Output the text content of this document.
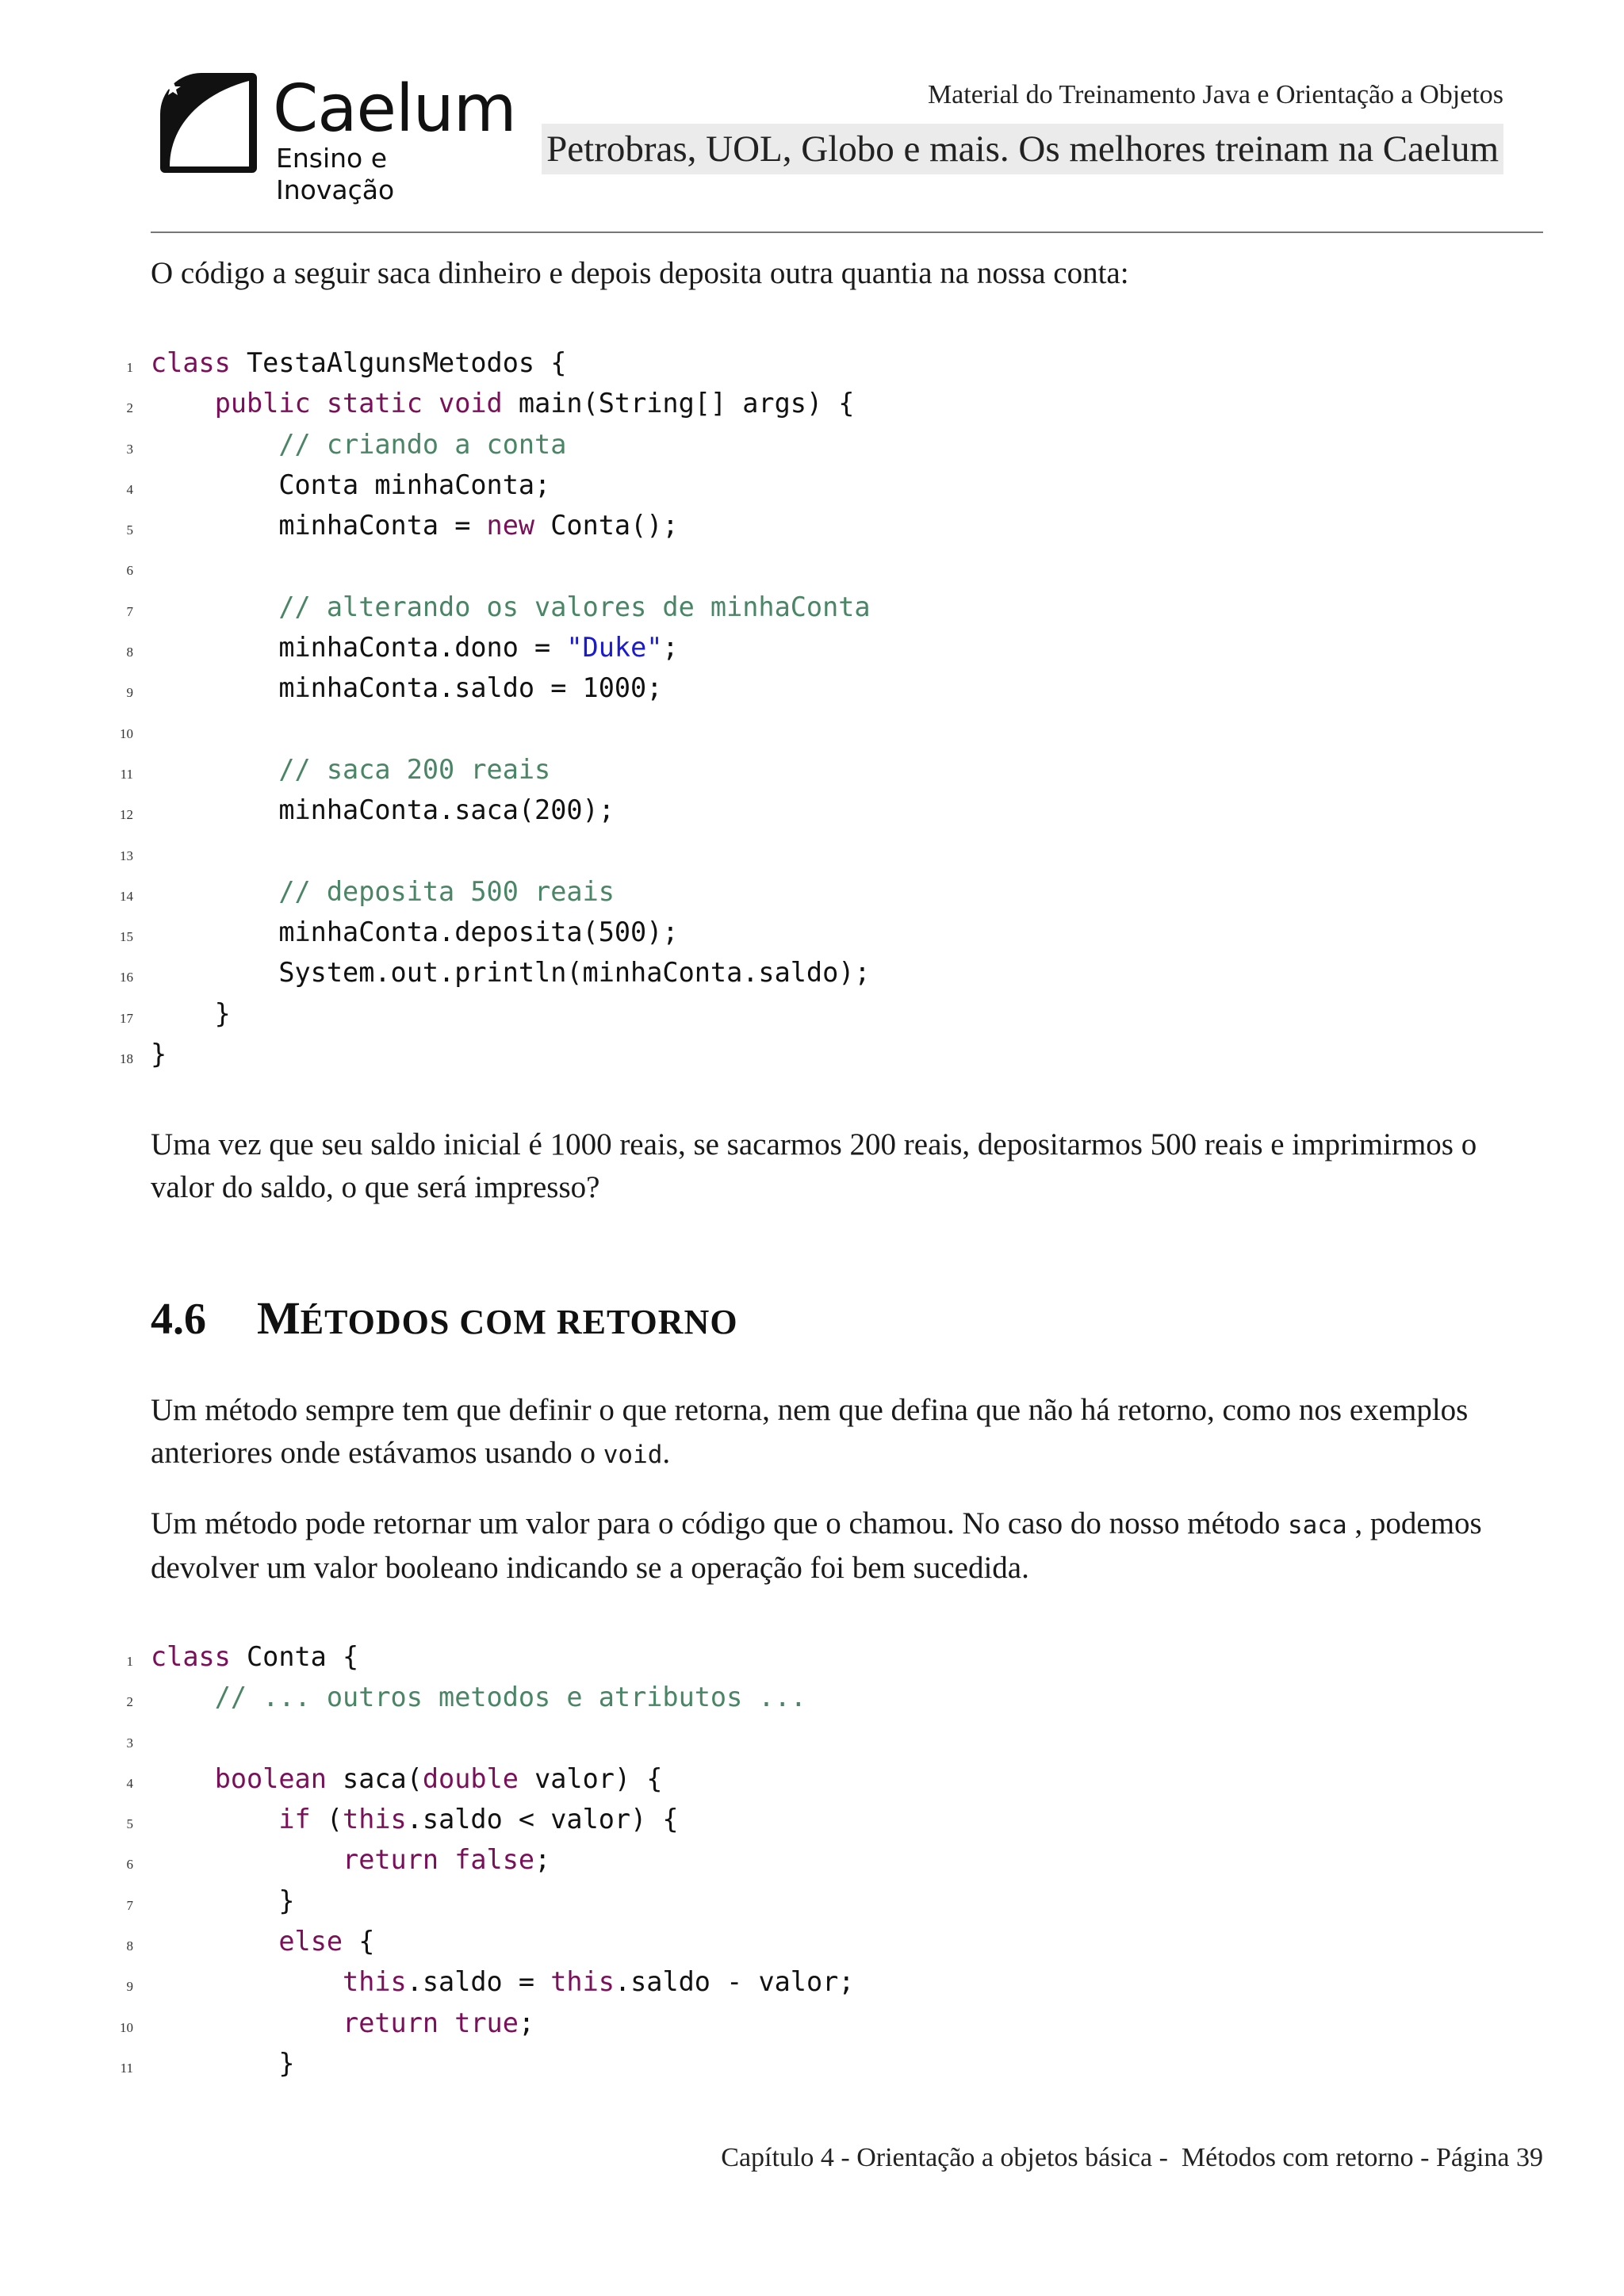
Caelum
Ensino e Inovação
Material do Treinamento Java e Orientação a Objetos
Petrobras, UOL, Globo e mais. Os melhores treinam na Caelum
O código a seguir saca dinheiro e depois deposita outra quantia na nossa conta:
1 class TestaAlgunsMetodos {
2	public static void main(String[] args) {
3	// criando a conta
4 Conta minhaConta;
5 minhaConta = new Conta();
6
7	// alterando os valores de minhaConta
8 minhaConta.dono = "Duke";
9 minhaConta.saldo = 1000;
10
11	// saca 200 reais
12 minhaConta.saca(200);
13
14	// deposita 500 reais
15 minhaConta.deposita(500);
16 System.out.println(minhaConta.saldo);
17 }
18 }
Uma vez que seu saldo inicial é 1000 reais, se sacarmos 200 reais, depositarmos 500 reais e imprimirmos o valor do saldo, o que será impresso?
4.6 MÉTODOS COM RETORNO
Um método sempre tem que definir o que retorna, nem que defina que não há retorno, como nos exemplos anteriores onde estávamos usando o void.
Um método pode retornar um valor para o código que o chamou. No caso do nosso método saca , podemos devolver um valor booleano indicando se a operação foi bem sucedida.
1 class Conta {
2	// ... outros metodos e atributos ...
3
4	boolean saca(double valor) {
5	if (this.saldo < valor) {
6	return false;
7 }
8	else {
9	this.saldo = this.saldo - valor;
10	return true;
11 }
Capítulo 4 - Orientação a objetos básica -  Métodos com retorno - Página 39
